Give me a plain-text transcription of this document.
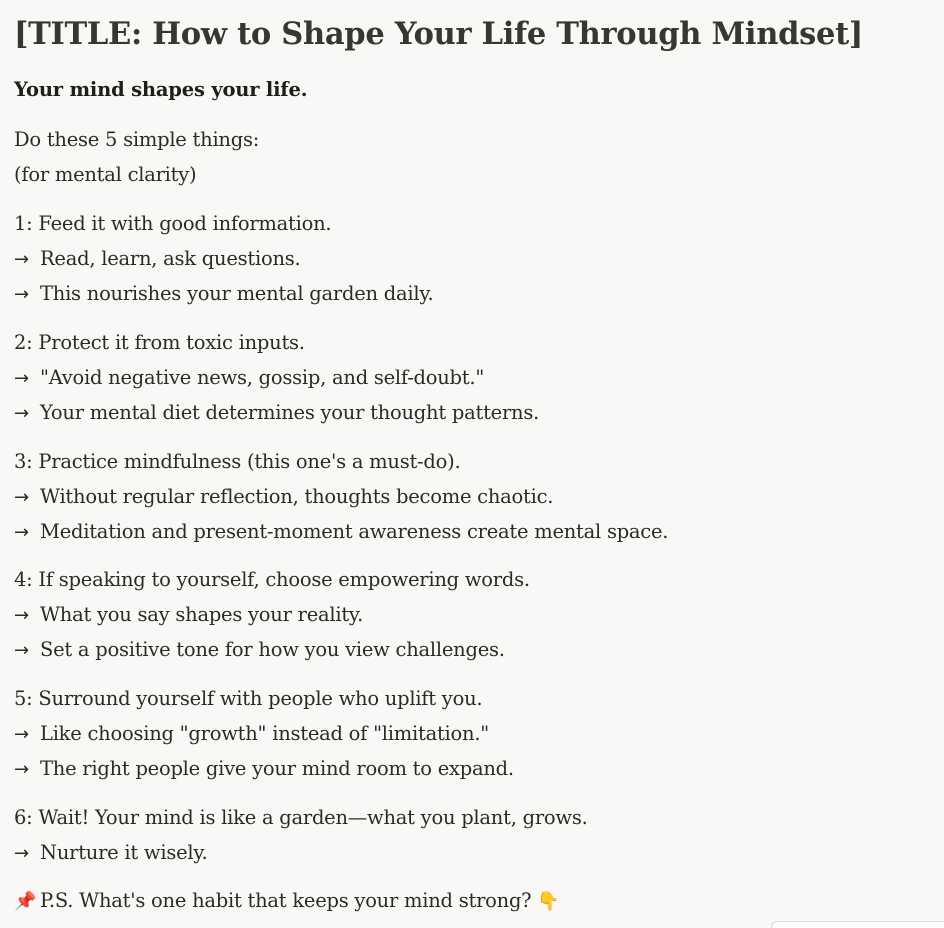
[TITLE: How to Shape Your Life Through Mindset]
Your mind shapes your life.
Do these 5 simple things:
(for mental clarity)
1: Feed it with good information.
→ Read, learn, ask questions.
→ This nourishes your mental garden daily.
2: Protect it from toxic inputs.
→ "Avoid negative news, gossip, and self-doubt."
→ Your mental diet determines your thought patterns.
3: Practice mindfulness (this one's a must-do).
→ Without regular reflection, thoughts become chaotic.
→ Meditation and present-moment awareness create mental space.
4: If speaking to yourself, choose empowering words.
→ What you say shapes your reality.
→ Set a positive tone for how you view challenges.
5: Surround yourself with people who uplift you.
→ Like choosing "growth" instead of "limitation."
→ The right people give your mind room to expand.
6: Wait! Your mind is like a garden—what you plant, grows.
→ Nurture it wisely.
📌 P.S. What's one habit that keeps your mind strong? 👇
